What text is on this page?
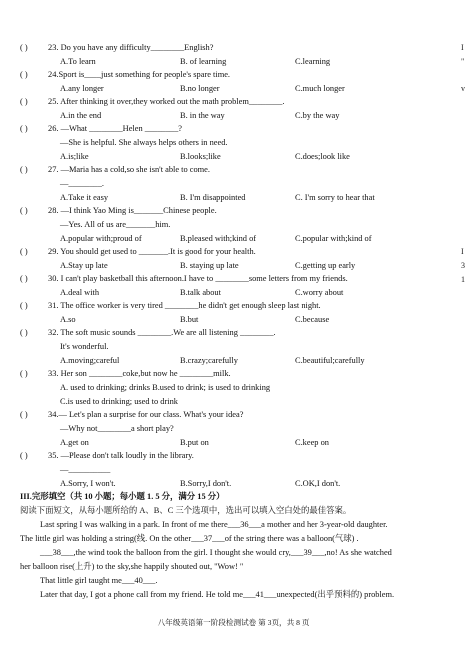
( ) 23. Do you have any difficulty________English?
A.To learn	B. of learning	C.learning
( ) 24.Sport is____just something for people's spare time.
A.any longer	B.no longer	C.much longer
( ) 25. After thinking it over,they worked out the math problem________.
A.in the end	B. in the way	C.by the way
( ) 26. —What ________Helen ________?
—She is helpful. She always helps others in need.
A.is;like	B.looks;like	C.does;look like
( ) 27. —Maria has a cold,so she isn't able to come.
—________.
A.Take it easy	B. I'm disappointed	C. I'm sorry to hear that
( ) 28. —I think Yao Ming is_______Chinese people.
—Yes. All of us are_______him.
A.popular with;proud of	B.pleased with;kind of	C.popular with;kind of
( ) 29. You should get used to _______.It is good for your health.
A.Stay up late	B. staying up late	C.getting up early
( ) 30. I can't play basketball this afternoon.I have to ________some letters from my friends.
A.deal with	B.talk about	C.worry about
( ) 31. The office worker is very tired ________he didn't get enough sleep last night.
A.so	B.but	C.because
( ) 32. The soft music sounds ________.We are all listening ________.
It's wonderful.
A.moving;careful	B.crazy;carefully	C.beautiful;carefully
( ) 33. Her son ________coke,but now he ________milk.
A. used to drinking; drinks B.used to drink; is used to drinking
C.is used to drinking; used to drink
( ) 34.— Let's plan a surprise for our class. What's your idea?
—Why not________a short play?
A.get on	B.put on	C.keep on
( ) 35. —Please don't talk loudly in the library.
—__________
A.Sorry, I won't.	B.Sorry,I don't.	C.OK,I don't.
III.完形填空（共 10 小题；每小题 1. 5 分，满分 15 分）
阅读下面短文，从每小题所给的 A、B、C 三个选项中，选出可以填入空白处的最佳答案。
Last spring I was walking in a park. In front of me there___36___a mother and her 3-year-old daughter.
The little girl was holding a string(线. On the other___37___of the string there was a balloon(气球) .
___38___,the wind took the balloon from the girl. I thought she would cry,___39___,no! As she watched
her balloon rise(上升) to the sky,she happily shouted out, "Wow! "
That little girl taught me___40___.
Later that day, I got a phone call from my friend. He told me___41___unexpected(出乎预料的) problem.
八年级英语第一阶段检测试卷 第 3页，共 8 页
I
"
v
I
3
1
